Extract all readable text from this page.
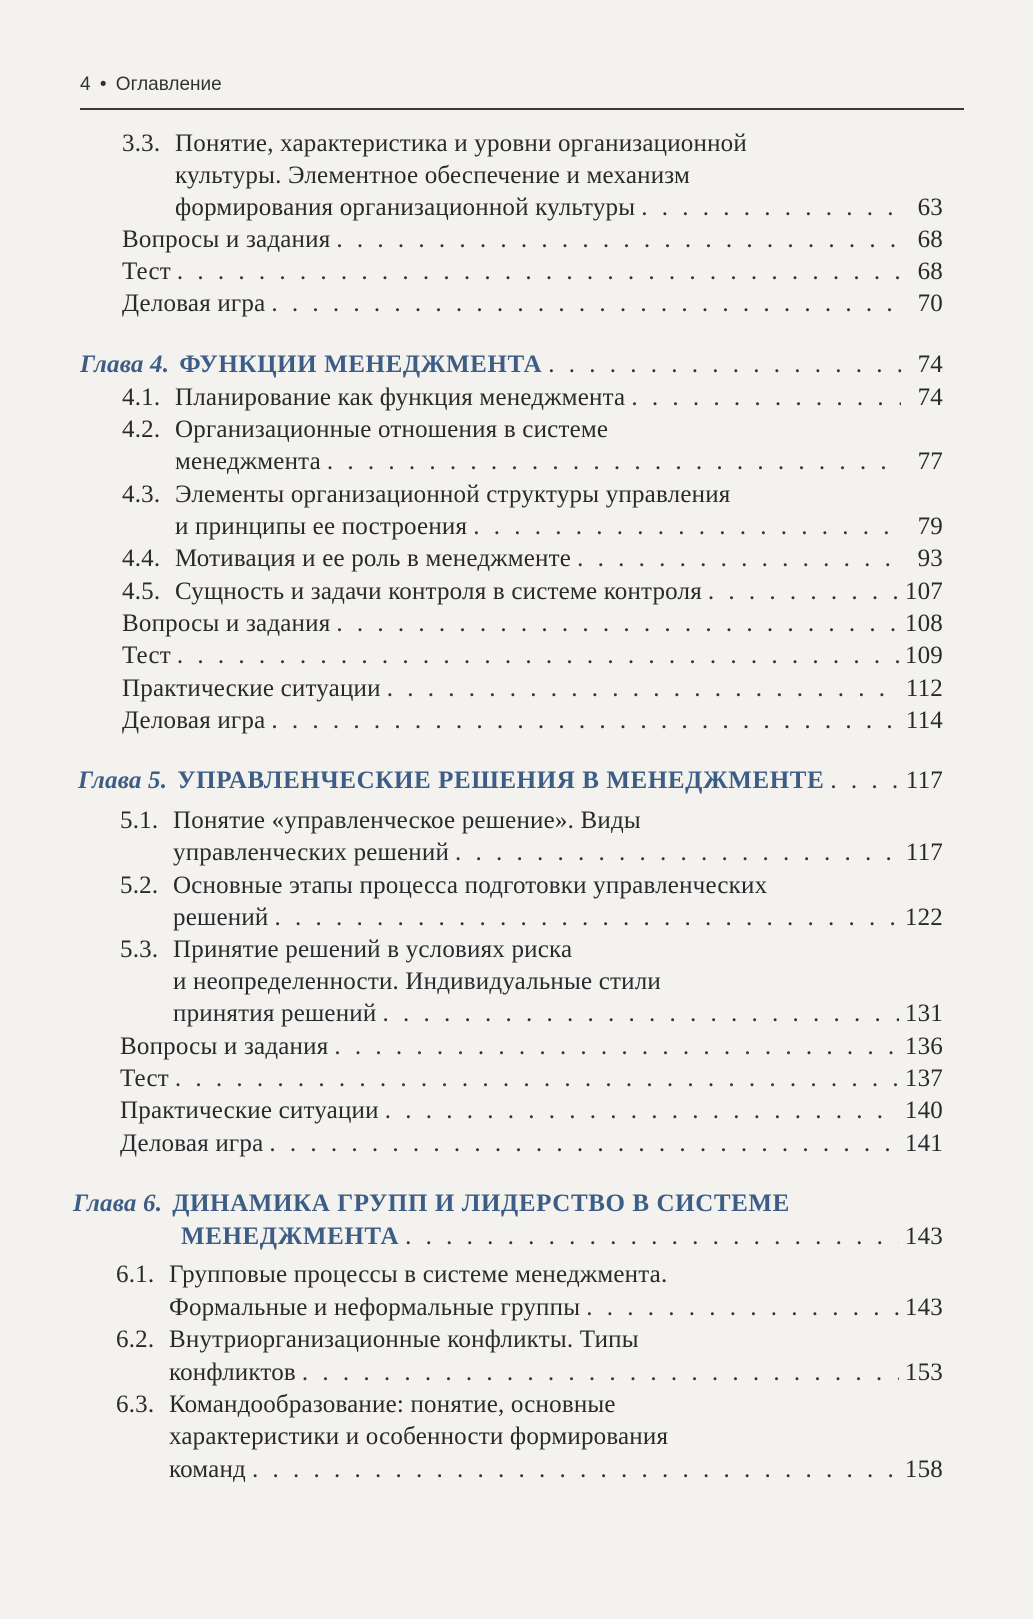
4 • Оглавление
3.3. Понятие, характеристика и уровни организационной
культуры. Элементное обеспечение и механизм
формирования организационной культуры . . .	63
Вопросы и задания . . .	68
Тест . . .	68
Деловая игра . . .	70
Глава 4. ФУНКЦИИ МЕНЕДЖМЕНТА . . .	74
4.1. Планирование как функция менеджмента . . .	74
4.2. Организационные отношения в системе
менеджмента . . .	77
4.3. Элементы организационной структуры управления
и принципы ее построения . . .	79
4.4. Мотивация и ее роль в менеджменте . . .	93
4.5. Сущность и задачи контроля в системе контроля . . .	107
Вопросы и задания . . .	108
Тест . . .	109
Практические ситуации . . .	112
Деловая игра . . .	114
Глава 5. УПРАВЛЕНЧЕСКИЕ РЕШЕНИЯ В МЕНЕДЖМЕНТЕ . . .	117
5.1. Понятие «управленческое решение». Виды
управленческих решений . . .	117
5.2. Основные этапы процесса подготовки управленческих
решений . . .	122
5.3. Принятие решений в условиях риска
и неопределенности. Индивидуальные стили
принятия решений . . .	131
Вопросы и задания . . .	136
Тест . . .	137
Практические ситуации . . .	140
Деловая игра . . .	141
Глава 6. ДИНАМИКА ГРУПП И ЛИДЕРСТВО В СИСТЕМЕ
МЕНЕДЖМЕНТА . . .	143
6.1. Групповые процессы в системе менеджмента.
Формальные и неформальные группы . . .	143
6.2. Внутриорганизационные конфликты. Типы
конфликтов . . .	153
6.3. Командообразование: понятие, основные
характеристики и особенности формирования
команд . . .	158
